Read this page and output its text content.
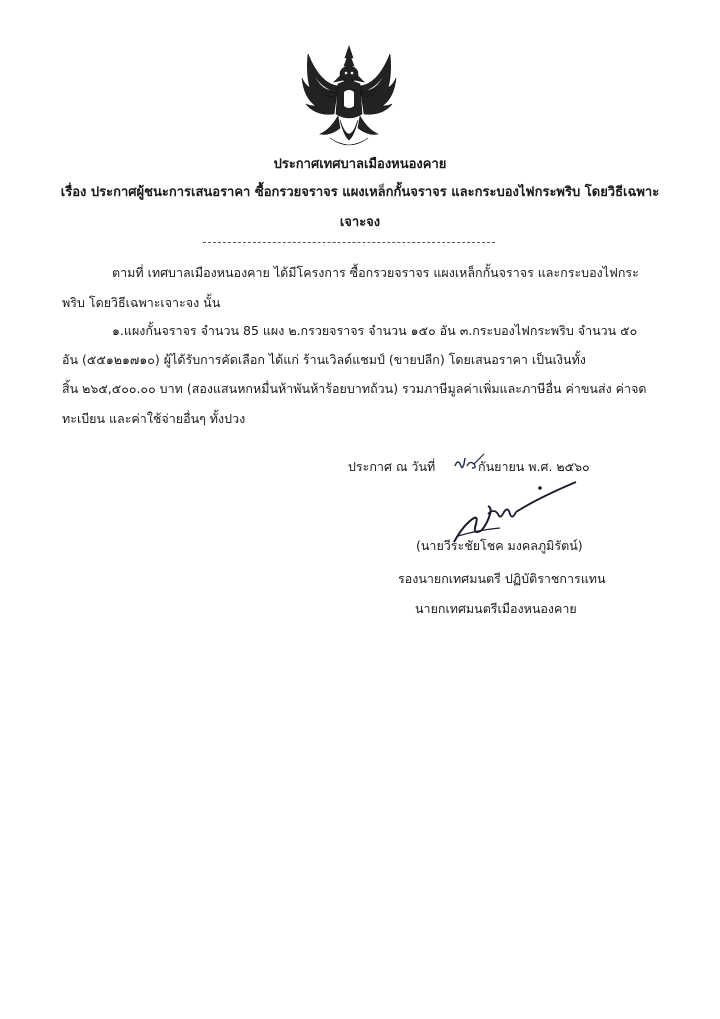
ประกาศเทศบาลเมืองหนองคาย
เรื่อง ประกาศผู้ชนะการเสนอราคา ซื้อกรวยจราจร แผงเหล็กกั้นจราจร และกระบองไฟกระพริบ โดยวิธีเฉพาะ
เจาะจง
ตามที่ เทศบาลเมืองหนองคาย ได้มีโครงการ ซื้อกรวยจราจร แผงเหล็กกั้นจราจร และกระบองไฟกระ
พริบ โดยวิธีเฉพาะเจาะจง นั้น
๑.แผงกั้นจราจร จำนวน 85 แผง ๒.กรวยจราจร จำนวน ๑๕๐ อัน ๓.กระบองไฟกระพริบ จำนวน ๕๐
อัน (๕๕๑๒๑๗๑๐) ผู้ได้รับการคัดเลือก ได้แก่ ร้านเวิลด์แชมป์ (ขายปลีก) โดยเสนอราคา เป็นเงินทั้ง
สิ้น ๒๖๕,๕๐๐.๐๐ บาท (สองแสนหกหมื่นห้าพันห้าร้อยบาทถ้วน) รวมภาษีมูลค่าเพิ่มและภาษีอื่น ค่าขนส่ง ค่าจด
ทะเบียน และค่าใช้จ่ายอื่นๆ ทั้งปวง
ประกาศ ณ วันที่	กันยายน พ.ศ. ๒๕๖๐
(นายวีระชัยโชค มงคลภูมิรัตน์)
รองนายกเทศมนตรี ปฏิบัติราชการแทน
นายกเทศมนตรีเมืองหนองคาย
